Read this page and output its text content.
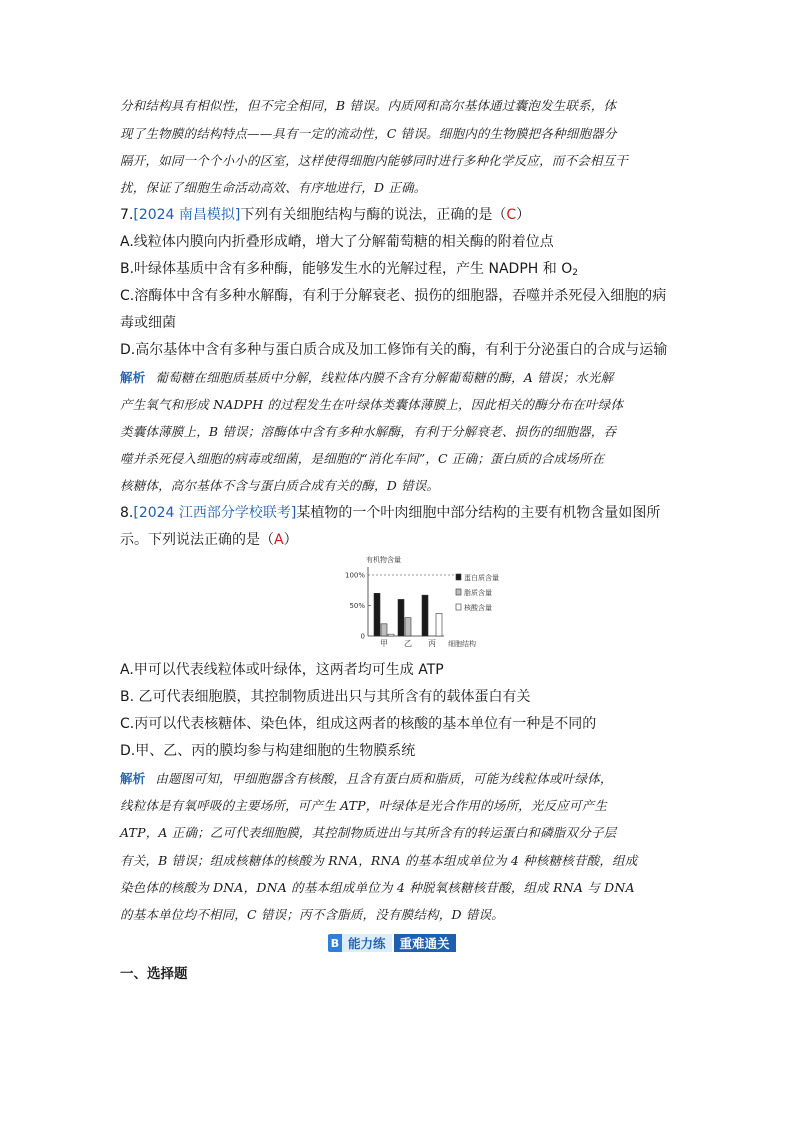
分和结构具有相似性，但不完全相同，B 错误。内质网和高尔基体通过囊泡发生联系，体
现了生物膜的结构特点——具有一定的流动性，C 错误。细胞内的生物膜把各种细胞器分
隔开，如同一个个小小的区室，这样使得细胞内能够同时进行多种化学反应，而不会相互干
扰，保证了细胞生命活动高效、有序地进行，D 正确。
7.[2024 南昌模拟]下列有关细胞结构与酶的说法，正确的是（C）
A.线粒体内膜向内折叠形成嵴，增大了分解葡萄糖的相关酶的附着位点
B.叶绿体基质中含有多种酶，能够发生水的光解过程，产生 NADPH 和 $O_2$
C.溶酶体中含有多种水解酶，有利于分解衰老、损伤的细胞器，吞噬并杀死侵入细胞的病
毒或细菌
D.高尔基体中含有多种与蛋白质合成及加工修饰有关的酶，有利于分泌蛋白的合成与运输
解析 葡萄糖在细胞质基质中分解，线粒体内膜不含有分解葡萄糖的酶，A 错误；水光解
产生氧气和形成 NADPH 的过程发生在叶绿体类囊体薄膜上，因此相关的酶分布在叶绿体
类囊体薄膜上，B 错误；溶酶体中含有多种水解酶，有利于分解衰老、损伤的细胞器，吞
噬并杀死侵入细胞的病毒或细菌，是细胞的“消化车间”，C 正确；蛋白质的合成场所在
核糖体，高尔基体不含与蛋白质合成有关的酶，D 错误。
8.[2024 江西部分学校联考]某植物的一个叶肉细胞中部分结构的主要有机物含量如图所
示。下列说法正确的是（A）
有机物含量
100%
50%
0
甲 乙 丙 细胞结构
蛋白质含量
脂质含量
核酸含量
A.甲可以代表线粒体或叶绿体，这两者均可生成 ATP
B. 乙可代表细胞膜，其控制物质进出只与其所含有的载体蛋白有关
C.丙可以代表核糖体、染色体，组成这两者的核酸的基本单位有一种是不同的
D.甲、乙、丙的膜均参与构建细胞的生物膜系统
解析 由题图可知，甲细胞器含有核酸，且含有蛋白质和脂质，可能为线粒体或叶绿体，
线粒体是有氧呼吸的主要场所，可产生 ATP，叶绿体是光合作用的场所，光反应可产生
ATP，A 正确；乙可代表细胞膜，其控制物质进出与其所含有的转运蛋白和磷脂双分子层
有关，B 错误；组成核糖体的核酸为 RNA，RNA 的基本组成单位为 4 种核糖核苷酸，组成
染色体的核酸为 DNA，DNA 的基本组成单位为 4 种脱氧核糖核苷酸，组成 RNA 与 DNA
的基本单位均不相同，C 错误；丙不含脂质，没有膜结构，D 错误。
B 能力练	重难通关
一、选择题
